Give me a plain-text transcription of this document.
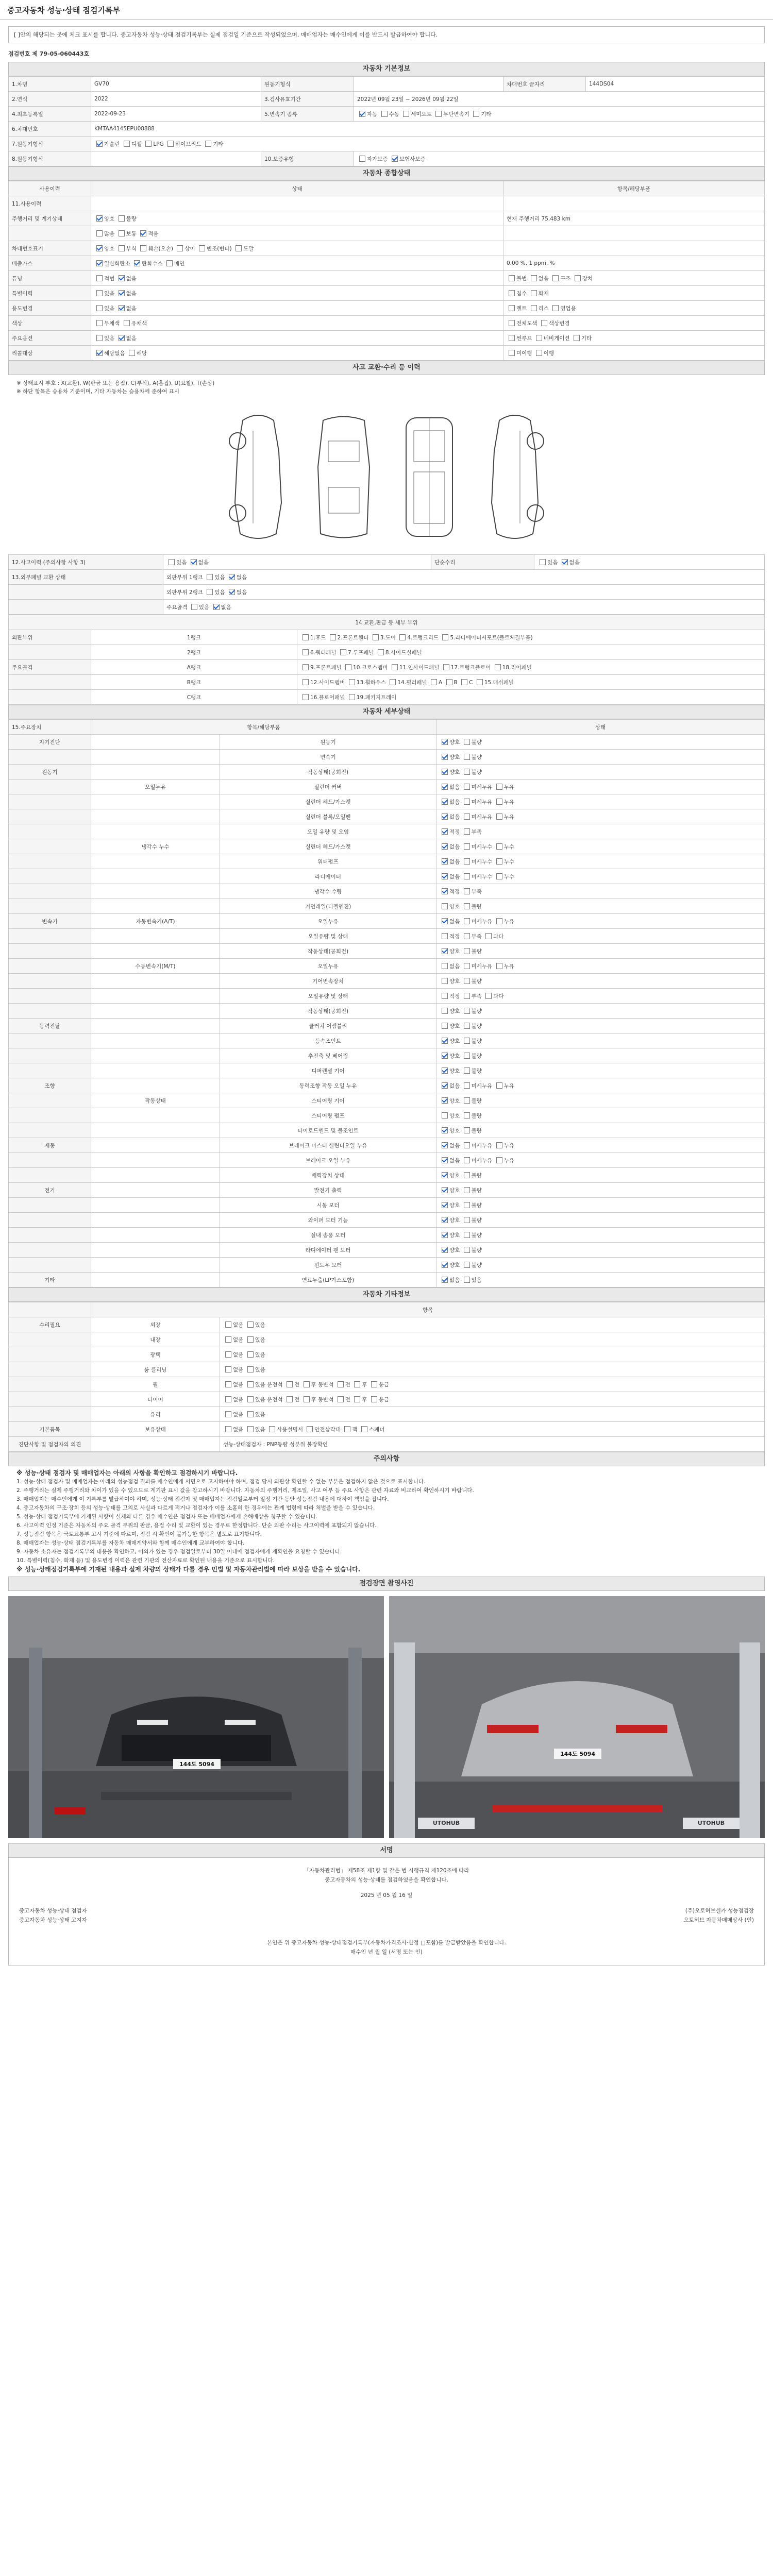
중고자동차 성능·상태 점검기록부
[ ]안의 해당되는 곳에 체크 표시를 합니다. 중고자동차 성능·상태 점검기록부는 실제 점검일 기준으로 작성되었으며, 매매업자는 매수인에게 이를 반드시 발급하여야 합니다.
점검번호 제 79-05-060443호
자동차 기본정보
1.차명	GV70	원동기형식		차대번호 끝자리	144DS04
2.연식	2022	3.검사유효기간	2022년 09월 23일 ~ 2026년 09월 22일		
4.최초등록일	2022-09-23	5.변속기 종류	자동 수동 세미오토 무단변속기 기타		
6.차대번호	KMTAA4145EPU08888				
7.원동기형식	가솔린 디젤 LPG 하이브리드 기타				
8.원동기형식		10.보증유형	자가보증 보험사보증		
자동차 종합상태
사용이력	상태	항목/해당부품
11.사용이력		
주행거리 및 계기상태	양호 불량	현재 주행거리 75,483 km
	많음 보통 적음	
차대번호표기	양호 부식 훼손(오손) 상이 변조(변타) 도말	
배출가스	일산화탄소 탄화수소 매연	0.00 %, 1 ppm, %
튜닝	적법 없음	불법 없음 구조 장치
특별이력	있음 없음	침수 화재
용도변경	있음 없음	렌트 리스 영업용
색상	무채색 유채색	전체도색 색상변경
주요옵션	있음 없음	썬루프 네비게이션 기타
리콜대상	해당없음 해당	미이행 이행
사고 교환·수리 등 이력
※ 상태표시 부호 : X(교환), W(판금 또는 용접), C(부식), A(흠집), U(요철), T(손상)
※ 하단 항목은 승용차 기준이며, 기타 자동차는 승용차에 준하여 표시
12.사고이력 (주의사항 사항 3)	있음 없음	단순수리	있음 없음
13.외부패널 교환 상태	외판부위 1랭크 있음 없음		
	외판부위 2랭크 있음 없음		
	주요골격 있음 없음		
14.교환,판금 등 세부 부위		
외판부위	1랭크	1.후드 2.프론트휀더 3.도어 4.트렁크리드 5.라디에이터서포트(볼트체결부품)
	2랭크	6.쿼터패널 7.루프패널 8.사이드실패널
주요골격	A랭크	9.프론트패널 10.크로스멤버 11.인사이드패널 17.트렁크플로어 18.리어패널
	B랭크	12.사이드멤버 13.휠하우스 14.필러패널 A B C 15.대쉬패널
	C랭크	16.플로어패널 19.패키지트레이
자동차 세부상태
15.주요장치	항목/해당부품		상태
자기진단		원동기	양호 불량
		변속기	양호 불량
원동기		작동상태(공회전)	양호 불량
	오일누유	실린더 커버	없음 미세누유 누유
		실린더 헤드/가스켓	없음 미세누유 누유
		실린더 블록/오일팬	없음 미세누유 누유
		오일 유량 및 오염	적정 부족
	냉각수 누수	실린더 헤드/가스켓	없음 미세누수 누수
		워터펌프	없음 미세누수 누수
		라디에이터	없음 미세누수 누수
		냉각수 수량	적정 부족
		커먼레일(디젤엔진)	양호 불량
변속기	자동변속기(A/T)	오일누유	없음 미세누유 누유
		오일유량 및 상태	적정 부족 과다
		작동상태(공회전)	양호 불량
	수동변속기(M/T)	오일누유	없음 미세누유 누유
		기어변속장치	양호 불량
		오일유량 및 상태	적정 부족 과다
		작동상태(공회전)	양호 불량
동력전달		클러치 어셈블리	양호 불량
		등속조인트	양호 불량
		추진축 및 베어링	양호 불량
		디퍼렌셜 기어	양호 불량
조향		동력조향 작동 오일 누유	없음 미세누유 누유
	작동상태	스티어링 기어	양호 불량
		스티어링 펌프	양호 불량
		타이로드엔드 및 볼조인트	양호 불량
제동		브레이크 마스터 실린더오일 누유	없음 미세누유 누유
		브레이크 오일 누유	없음 미세누유 누유
		배력장치 상태	양호 불량
전기		발전기 출력	양호 불량
		시동 모터	양호 불량
		와이퍼 모터 기능	양호 불량
		실내 송풍 모터	양호 불량
		라디에이터 팬 모터	양호 불량
		윈도우 모터	양호 불량
기타		연료누출(LP가스포함)	없음 있음
자동차 기타정보
	항목	
수리필요	외장	없음 있음
	내장	없음 있음
	광택	없음 있음
	룸 클리닝	없음 있음
	휠	없음 있음 운전석 전 후 동반석 전 후 응급
	타이어	없음 있음 운전석 전 후 동반석 전 후 응급
	유리	없음 있음
기본품목	보유상태	없음 있음 사용설명서 안전삼각대 잭 스패너
진단사항 및 점검자의 의견		성능·상태점검자 : PNP등량 성분위 불장확인
주의사항

※ 성능·상태 점검자 및 매매업자는 아래의 사항을 확인하고 점검하시기 바랍니다.

1. 성능·상태 점검자 및 매매업자는 아래의 성능점검 결과를 매수인에게 서면으로 고지하여야 하며, 점검 당시 외관상 확인할 수 없는 부분은 점검하지 않은 것으로 표시합니다.

2. 주행거리는 실제 주행거리와 차이가 있을 수 있으므로 계기판 표시 값을 참고하시기 바랍니다. 자동차의 주행거리, 제조일, 사고 여부 등 주요 사항은 관련 자료와 비교하여 확인하시기 바랍니다.

3. 매매업자는 매수인에게 이 기록부를 발급하여야 하며, 성능·상태 점검자 및 매매업자는 점검일로부터 일정 기간 동안 성능점검 내용에 대하여 책임을 집니다.

4. 중고자동차의 구조·장치 등의 성능·상태를 고의로 사실과 다르게 적거나 점검자가 이를 소홀히 한 경우에는 관계 법령에 따라 처벌을 받을 수 있습니다.

5. 성능·상태 점검기록부에 기재된 사항이 실제와 다른 경우 매수인은 점검자 또는 매매업자에게 손해배상을 청구할 수 있습니다.

6. 사고이력 인정 기준은 자동차의 주요 골격 부위의 판금, 용접 수리 및 교환이 있는 경우로 한정합니다. 단순 외판 수리는 사고이력에 포함되지 않습니다.

7. 성능점검 항목은 국토교통부 고시 기준에 따르며, 점검 시 확인이 불가능한 항목은 별도로 표기합니다.

8. 매매업자는 성능·상태 점검기록부를 자동차 매매계약서와 함께 매수인에게 교부하여야 합니다.

9. 자동차 소유자는 점검기록부의 내용을 확인하고, 이의가 있는 경우 점검일로부터 30일 이내에 점검자에게 재확인을 요청할 수 있습니다.

10. 특별이력(침수, 화재 등) 및 용도변경 이력은 관련 기관의 전산자료로 확인된 내용을 기준으로 표시합니다.

※ 성능·상태점검기록부에 기재된 내용과 실제 차량의 상태가 다를 경우 민법 및 자동차관리법에 따라 보상을 받을 수 있습니다.

점검장면 촬영사진
144도 5094
144도 5094
UTOHUB	UTOHUB
서명
「자동차관리법」 제58조 제1항 및 같은 법 시행규칙 제120조에 따라
중고자동차의 성능·상태를 점검하였음을 확인합니다.
2025 년 05 월 16 일
중고자동차 성능·상태 점검자	(주)오토허브셀카 성능점검장
중고자동차 성능·상태 고지자	오토허브 자동차매매상사 (인)
본인은 위 중고자동차 성능·상태점검기록부(자동차가격조사·산정 □포함)를 발급받았음을 확인합니다.
매수인 년 월 일 (서명 또는 인)
